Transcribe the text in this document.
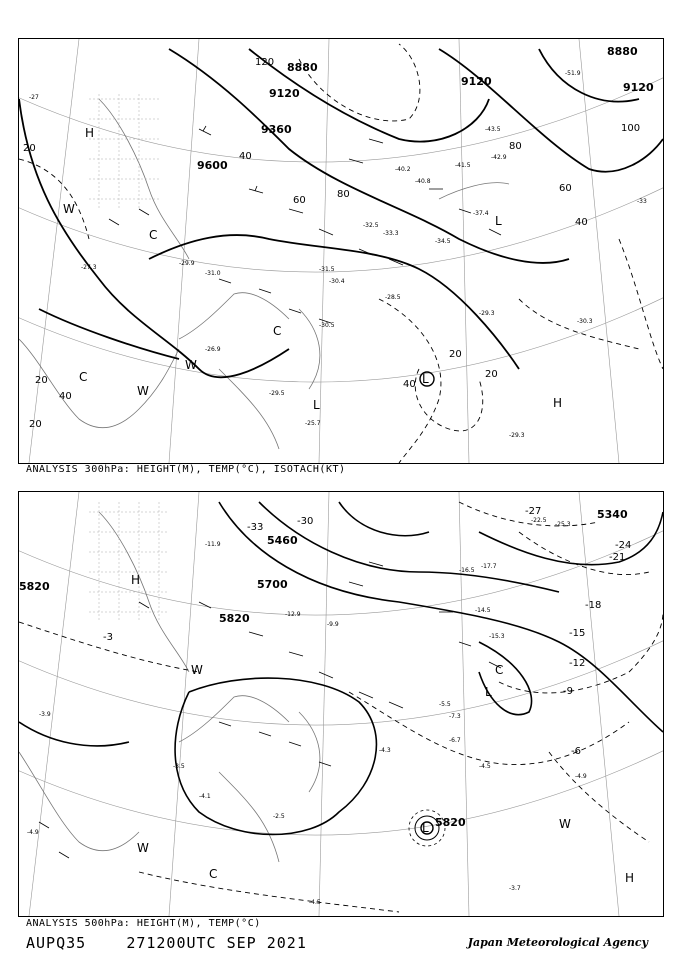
8880
9120
9120
9360
9600
8880
9120
20
40
60
80
100
120
20
40
60
80
20
40
20
40
20
-27
-29.9
-31.0
-31.5
-30.4
-28.5
-29.3
-30.3
-29.3
-43.5
-42.9
-41.5
-51.9
-33
-25.7
-26.9
-27.3
-29.5
-30.5
-32.5
-33.3
-34.5
-37.4
-40.2
-40.8
H
H
L
L
L
C
C
C
W
W
W
ANALYSIS 300hPa: HEIGHT(M), TEMP(°C), ISOTACH(KT)
5820	5700
5820
5460
5340
5820
-3
-6
-9
-12
-15
-18
-21
-24
-27
-30
-33
-3.9
-4.3
-4.5
-5.5
-7.3
-9.9
-11.9
-12.9
-14.5
-15.3
-16.5
-17.7
-22.5
-25.3
-3.7
-4.1
-4.9
-6.7
-2.5
-4.9
-3.5
-4.5
H
H
L
L
C
C
W
W
W
ANALYSIS 500hPa: HEIGHT(M), TEMP(°C)
AUPQ35	271200UTC SEP 2021	Japan Meteorological Agency
